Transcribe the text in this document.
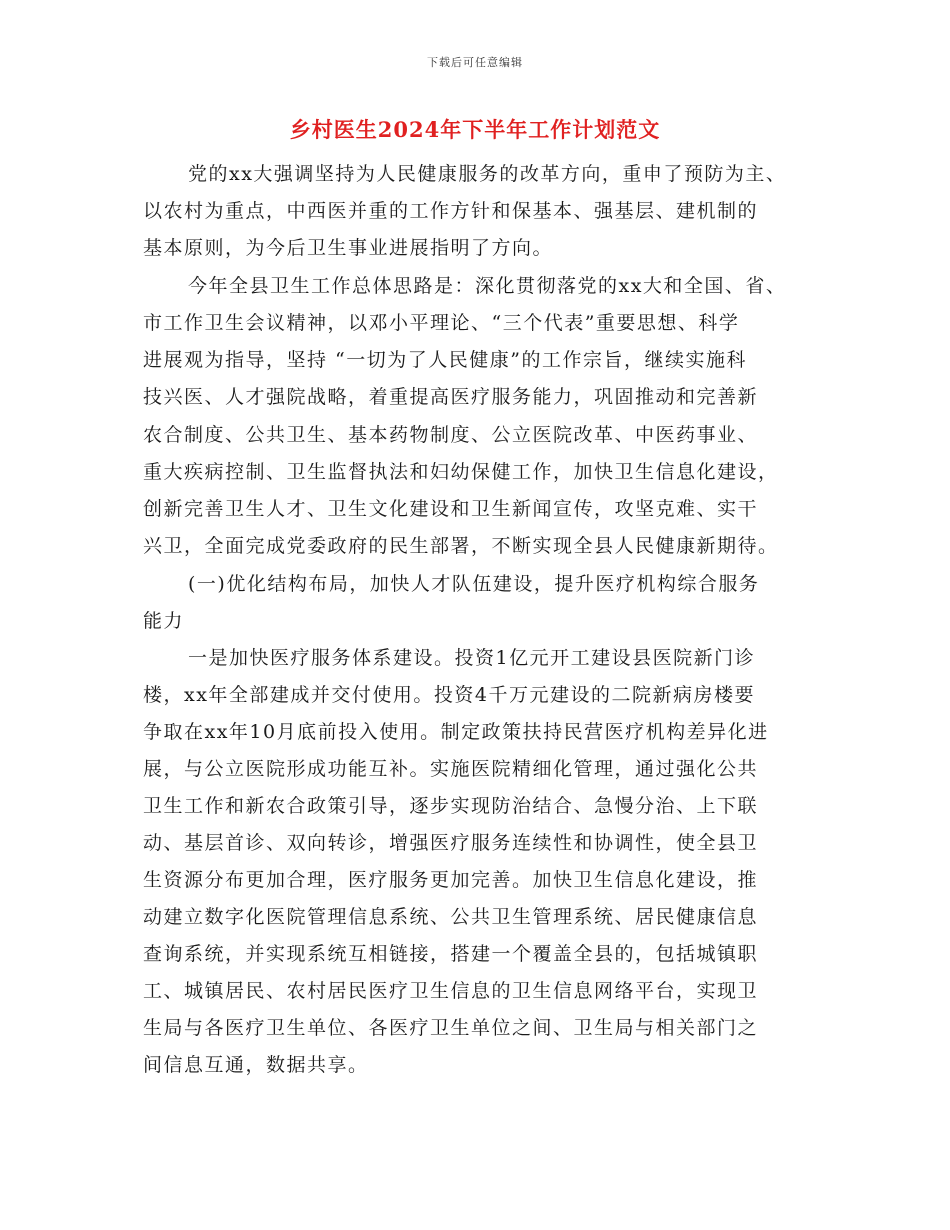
下载后可任意编辑
乡村医生2024年下半年工作计划范文
党的xx大强调坚持为人民健康服务的改革方向，重申了预防为主、
以农村为重点，中西医并重的工作方针和保基本、强基层、建机制的
基本原则，为今后卫生事业进展指明了方向。
今年全县卫生工作总体思路是：深化贯彻落党的xx大和全国、省、
市工作卫生会议精神，以邓小平理论、“三个代表”重要思想、科学
进展观为指导，坚持 “一切为了人民健康”的工作宗旨，继续实施科
技兴医、人才强院战略，着重提高医疗服务能力，巩固推动和完善新
农合制度、公共卫生、基本药物制度、公立医院改革、中医药事业、
重大疾病控制、卫生监督执法和妇幼保健工作，加快卫生信息化建设，
创新完善卫生人才、卫生文化建设和卫生新闻宣传，攻坚克难、实干
兴卫，全面完成党委政府的民生部署，不断实现全县人民健康新期待。
(一)优化结构布局，加快人才队伍建设，提升医疗机构综合服务
能力
一是加快医疗服务体系建设。投资1亿元开工建设县医院新门诊
楼，xx年全部建成并交付使用。投资4千万元建设的二院新病房楼要
争取在xx年10月底前投入使用。制定政策扶持民营医疗机构差异化进
展，与公立医院形成功能互补。实施医院精细化管理，通过强化公共
卫生工作和新农合政策引导，逐步实现防治结合、急慢分治、上下联
动、基层首诊、双向转诊，增强医疗服务连续性和协调性，使全县卫
生资源分布更加合理，医疗服务更加完善。加快卫生信息化建设，推
动建立数字化医院管理信息系统、公共卫生管理系统、居民健康信息
查询系统，并实现系统互相链接，搭建一个覆盖全县的，包括城镇职
工、城镇居民、农村居民医疗卫生信息的卫生信息网络平台，实现卫
生局与各医疗卫生单位、各医疗卫生单位之间、卫生局与相关部门之
间信息互通，数据共享。
